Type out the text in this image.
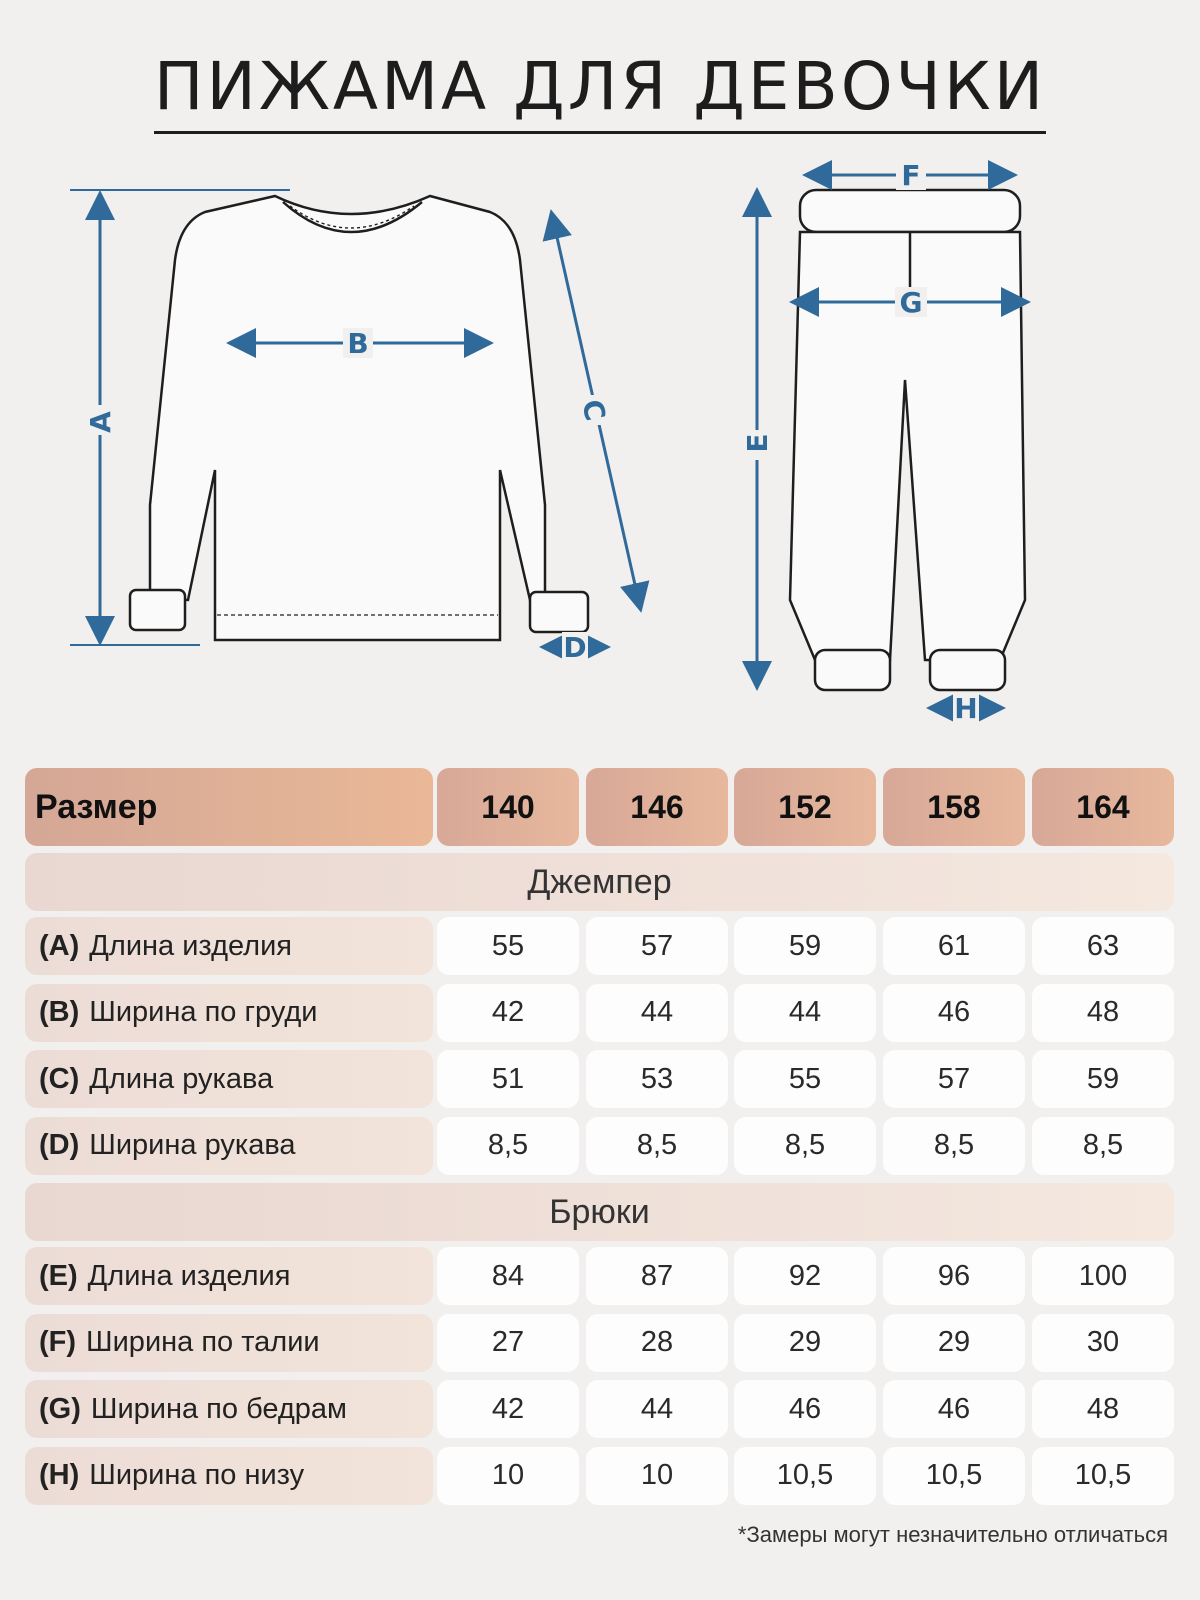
ПИЖАМА ДЛЯ ДЕВОЧКИ
A
B
C
D
E
F
G
H
Размер	140	146	152	158	164
Джемпер
(A) Длина изделия	55	57	59	61	63
(B) Ширина по груди	42	44	44	46	48
(C) Длина рукава	51	53	55	57	59
(D) Ширина рукава	8,5	8,5	8,5	8,5	8,5
Брюки
(E) Длина изделия	84	87	92	96	100
(F) Ширина по талии	27	28	29	29	30
(G) Ширина по бедрам	42	44	46	46	48
(H) Ширина по низу	10	10	10,5	10,5	10,5
*Замеры могут незначительно отличаться
